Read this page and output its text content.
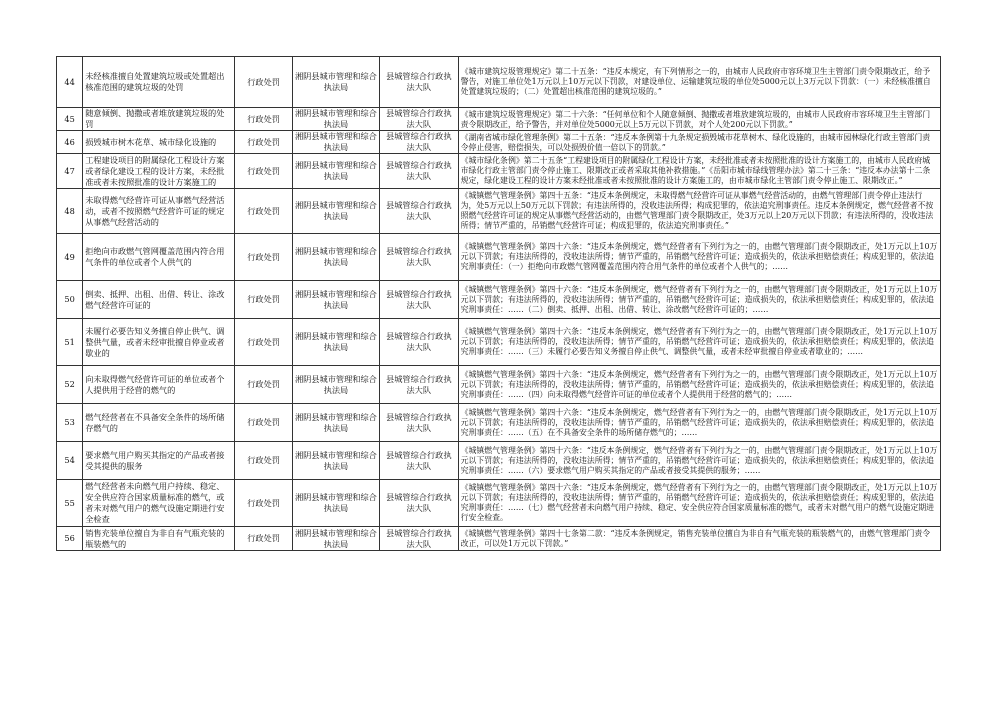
44	未经核准擅自处置建筑垃圾或处置超出核准范围的建筑垃圾的处罚	行政处罚	湘阴县城市管理和综合执法局	县城管综合行政执法大队	《城市建筑垃圾管理规定》第二十五条：“违反本规定，有下列情形之一的，由城市人民政府市容环境卫生主管部门责令限期改正，给予警告，对施工单位处1万元以上10万元以下罚款，对建设单位、运输建筑垃圾的单位处5000元以上3万元以下罚款：（一）未经核准擅自处置建筑垃圾的；（二）处置超出核准范围的建筑垃圾的。”

45	随意倾倒、抛撒或者堆放建筑垃圾的处罚	行政处罚	湘阴县城市管理和综合执法局	县城管综合行政执法大队	《城市建筑垃圾管理规定》第二十六条：“任何单位和个人随意倾倒、抛撒或者堆放建筑垃圾的，由城市人民政府市容环境卫生主管部门责令限期改正，给予警告，并对单位处5000元以上5万元以下罚款，对个人处200元以下罚款。”

46	损毁城市树木花草、城市绿化设施的	行政处罚	湘阴县城市管理和综合执法局	县城管综合行政执法大队	《湖南省城市绿化管理条例》第二十五条：“违反本条例第十九条规定损毁城市花草树木、绿化设施的，由城市园林绿化行政主管部门责令停止侵害，赔偿损失，可以处损毁价值一倍以下的罚款。”

47	工程建设项目的附属绿化工程设计方案或者绿化建设工程的设计方案，未经批准或者未按照批准的设计方案施工的	行政处罚	湘阴县城市管理和综合执法局	县城管综合行政执法大队	《城市绿化条例》第二十五条“工程建设项目的附属绿化工程设计方案，未经批准或者未按照批准的设计方案施工的，由城市人民政府城市绿化行政主管部门责令停止施工、限期改正或者采取其他补救措施。”《岳阳市城市绿线管理办法》第二十三条：“违反本办法第十二条规定，绿化建设工程的设计方案未经批准或者未按照批准的设计方案施工的，由市城市绿化主管部门责令停止施工、限期改正。”

48	未取得燃气经营许可证从事燃气经营活动，或者不按照燃气经营许可证的规定从事燃气经营活动的	行政处罚	湘阴县城市管理和综合执法局	县城管综合行政执法大队	《城镇燃气管理条例》第四十五条：“违反本条例规定，未取得燃气经营许可证从事燃气经营活动的，由燃气管理部门责令停止违法行为，处5万元以上50万元以下罚款；有违法所得的，没收违法所得；构成犯罪的，依法追究刑事责任。违反本条例规定，燃气经营者不按照燃气经营许可证的规定从事燃气经营活动的，由燃气管理部门责令限期改正，处3万元以上20万元以下罚款；有违法所得的，没收违法所得；情节严重的，吊销燃气经营许可证；构成犯罪的，依法追究刑事责任。”

49	拒绝向市政燃气管网覆盖范围内符合用气条件的单位或者个人供气的	行政处罚	湘阴县城市管理和综合执法局	县城管综合行政执法大队	《城镇燃气管理条例》第四十六条：“违反本条例规定，燃气经营者有下列行为之一的，由燃气管理部门责令限期改正，处1万元以上10万元以下罚款；有违法所得的，没收违法所得；情节严重的，吊销燃气经营许可证；造成损失的，依法承担赔偿责任；构成犯罪的，依法追究刑事责任：（一）拒绝向市政燃气管网覆盖范围内符合用气条件的单位或者个人供气的；……

50	倒卖、抵押、出租、出借、转让、涂改燃气经营许可证的	行政处罚	湘阴县城市管理和综合执法局	县城管综合行政执法大队	《城镇燃气管理条例》第四十六条：“违反本条例规定，燃气经营者有下列行为之一的，由燃气管理部门责令限期改正，处1万元以上10万元以下罚款；有违法所得的，没收违法所得；情节严重的，吊销燃气经营许可证；造成损失的，依法承担赔偿责任；构成犯罪的，依法追究刑事责任：……（二）倒卖、抵押、出租、出借、转让、涂改燃气经营许可证的；……

51	未履行必要告知义务擅自停止供气、调整供气量，或者未经审批擅自停业或者歇业的	行政处罚	湘阴县城市管理和综合执法局	县城管综合行政执法大队	《城镇燃气管理条例》第四十六条：“违反本条例规定，燃气经营者有下列行为之一的，由燃气管理部门责令限期改正，处1万元以上10万元以下罚款；有违法所得的，没收违法所得；情节严重的，吊销燃气经营许可证；造成损失的，依法承担赔偿责任；构成犯罪的，依法追究刑事责任：……（三）未履行必要告知义务擅自停止供气、调整供气量，或者未经审批擅自停业或者歇业的；……

52	向未取得燃气经营许可证的单位或者个人提供用于经营的燃气的	行政处罚	湘阴县城市管理和综合执法局	县城管综合行政执法大队	《城镇燃气管理条例》第四十六条：“违反本条例规定，燃气经营者有下列行为之一的，由燃气管理部门责令限期改正，处1万元以上10万元以下罚款；有违法所得的，没收违法所得；情节严重的，吊销燃气经营许可证；造成损失的，依法承担赔偿责任；构成犯罪的，依法追究刑事责任：……（四）向未取得燃气经营许可证的单位或者个人提供用于经营的燃气的；……

53	燃气经营者在不具备安全条件的场所储存燃气的	行政处罚	湘阴县城市管理和综合执法局	县城管综合行政执法大队	《城镇燃气管理条例》第四十六条：“违反本条例规定，燃气经营者有下列行为之一的，由燃气管理部门责令限期改正，处1万元以上10万元以下罚款；有违法所得的，没收违法所得；情节严重的，吊销燃气经营许可证；造成损失的，依法承担赔偿责任；构成犯罪的，依法追究刑事责任：……（五）在不具备安全条件的场所储存燃气的；……

54	要求燃气用户购买其指定的产品或者接受其提供的服务	行政处罚	湘阴县城市管理和综合执法局	县城管综合行政执法大队	《城镇燃气管理条例》第四十六条：“违反本条例规定，燃气经营者有下列行为之一的，由燃气管理部门责令限期改正，处1万元以上10万元以下罚款；有违法所得的，没收违法所得；情节严重的，吊销燃气经营许可证；造成损失的，依法承担赔偿责任；构成犯罪的，依法追究刑事责任：……（六）要求燃气用户购买其指定的产品或者接受其提供的服务；……

55	燃气经营者未向燃气用户持续、稳定、安全供应符合国家质量标准的燃气，或者未对燃气用户的燃气设施定期进行安全检查	行政处罚	湘阴县城市管理和综合执法局	县城管综合行政执法大队	《城镇燃气管理条例》第四十六条：“违反本条例规定，燃气经营者有下列行为之一的，由燃气管理部门责令限期改正，处1万元以上10万元以下罚款；有违法所得的，没收违法所得；情节严重的，吊销燃气经营许可证；造成损失的，依法承担赔偿责任；构成犯罪的，依法追究刑事责任：……（七）燃气经营者未向燃气用户持续、稳定、安全供应符合国家质量标准的燃气，或者未对燃气用户的燃气设施定期进行安全检查。

56	销售充装单位擅自为非自有气瓶充装的瓶装燃气的	行政处罚	湘阴县城市管理和综合执法局	县城管综合行政执法大队	《城镇燃气管理条例》第四十七条第二款：“违反本条例规定，销售充装单位擅自为非自有气瓶充装的瓶装燃气的，由燃气管理部门责令改正，可以处1万元以下罚款。”
